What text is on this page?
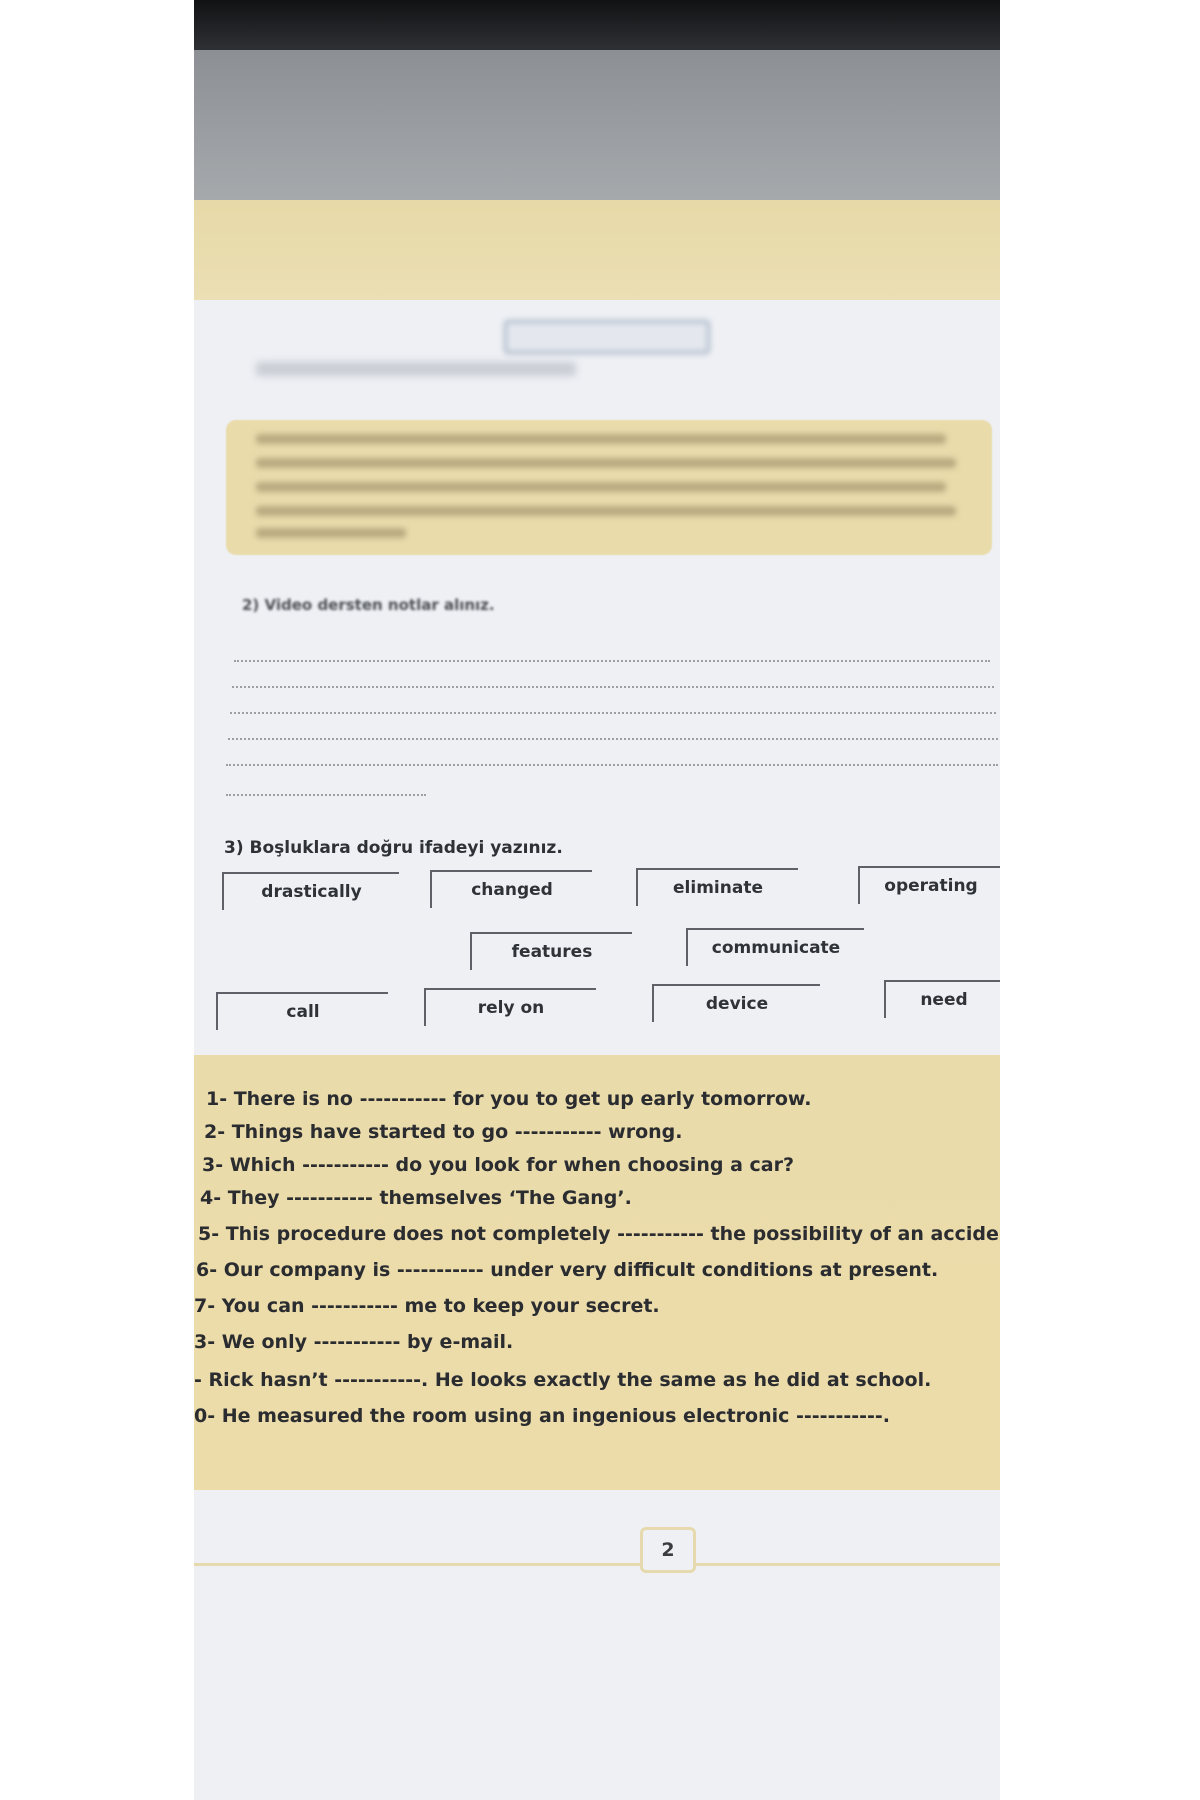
2) Video dersten notlar alınız.
3) Boşluklara doğru ifadeyi yazınız.
drastically	changed	eliminate	operating
features	communicate
call	rely on	device	need
1- There is no ----------- for you to get up early tomorrow.
2- Things have started to go ----------- wrong.
3- Which ----------- do you look for when choosing a car?
4- They ----------- themselves ‘The Gang’.
5- This procedure does not completely ----------- the possibility of an accide
6- Our company is ----------- under very difficult conditions at present.
7- You can ----------- me to keep your secret.
3- We only ----------- by e-mail.
- Rick hasn’t -----------. He looks exactly the same as he did at school.
0- He measured the room using an ingenious electronic -----------.
2
